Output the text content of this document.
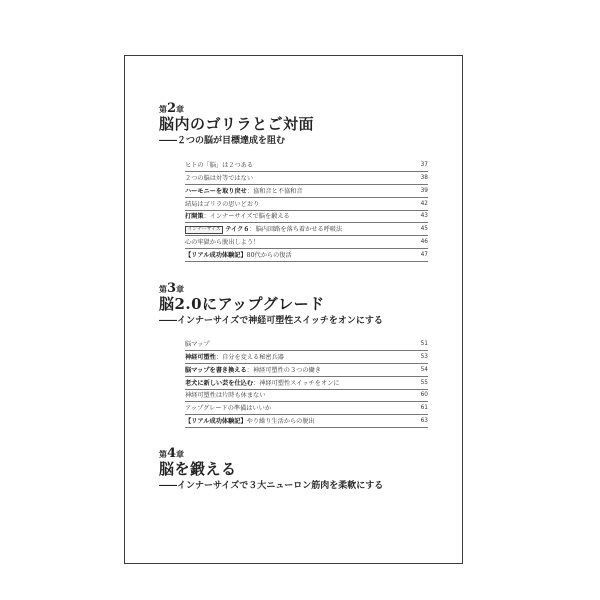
第2章
脳内のゴリラとご対面
――２つの脳が目標達成を阻む
ヒトの「脳」は２つある	37
２つの脳は対等ではない	38
ハーモニーを取り戻せ：協和音と不協和音	39
結局はゴリラの思いどおり	42
打開策：インナーサイズで脳を鍛える	43
インナーサイズ テイク６：脳内回路を落ち着かせる呼吸法	45
心の牢獄から脱出しよう！	46
【リアル成功体験記】80代からの復活	47
第3章
脳2.0にアップグレード
――インナーサイズで神経可塑性スイッチをオンにする
脳マップ	51
神経可塑性：自分を変える秘密兵器	53
脳マップを書き換える：神経可塑性の３つの働き	54
老犬に新しい芸を仕込む：神経可塑性スイッチをオンに	55
神経可塑性は片時も休まない	60
アップグレードの準備はいいか	61
【リアル成功体験記】やり繰り生活からの脱出	63
第4章
脳を鍛える
――インナーサイズで３大ニューロン筋肉を柔軟にする
